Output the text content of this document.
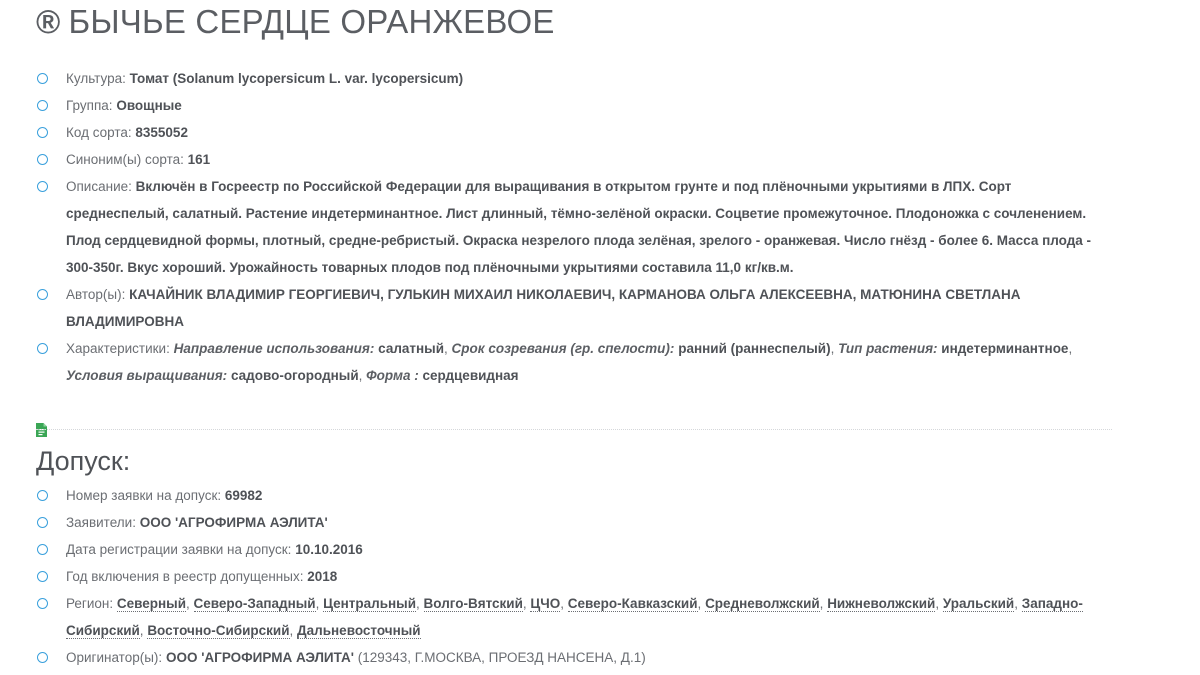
® БЫЧЬЕ СЕРДЦЕ ОРАНЖЕВОЕ
Культура: Томат (Solanum lycopersicum L. var. lycopersicum)
Группа: Овощные
Код сорта: 8355052
Синоним(ы) сорта: 161
Описание: Включён в Госреестр по Российской Федерации для выращивания в открытом грунте и под плёночными укрытиями в ЛПХ. Сорт среднеспелый, салатный. Растение индетерминантное. Лист длинный, тёмно-зелёной окраски. Соцветие промежуточное. Плодоножка с сочленением. Плод сердцевидной формы, плотный, средне-ребристый. Окраска незрелого плода зелёная, зрелого - оранжевая. Число гнёзд - более 6. Масса плода - 300-350г. Вкус хороший. Урожайность товарных плодов под плёночными укрытиями составила 11,0 кг/кв.м.
Автор(ы): КАЧАЙНИК ВЛАДИМИР ГЕОРГИЕВИЧ, ГУЛЬКИН МИХАИЛ НИКОЛАЕВИЧ, КАРМАНОВА ОЛЬГА АЛЕКСЕЕВНА, МАТЮНИНА СВЕТЛАНА ВЛАДИМИРОВНА
Характеристики: Направление использования: салатный, Срок созревания (гр. спелости): ранний (раннеспелый), Тип растения: индетерминантное, Условия выращивания: садово-огородный, Форма : сердцевидная
Допуск:
Номер заявки на допуск: 69982
Заявители: ООО 'АГРОФИРМА АЭЛИТА'
Дата регистрации заявки на допуск: 10.10.2016
Год включения в реестр допущенных: 2018
Регион: Северный, Северо-Западный, Центральный, Волго-Вятский, ЦЧО, Северо-Кавказский, Средневолжский, Нижневолжский, Уральский, Западно-Сибирский, Восточно-Сибирский, Дальневосточный
Оригинатор(ы): ООО 'АГРОФИРМА АЭЛИТА' (129343, Г.МОСКВА, ПРОЕЗД НАНСЕНА, Д.1)
